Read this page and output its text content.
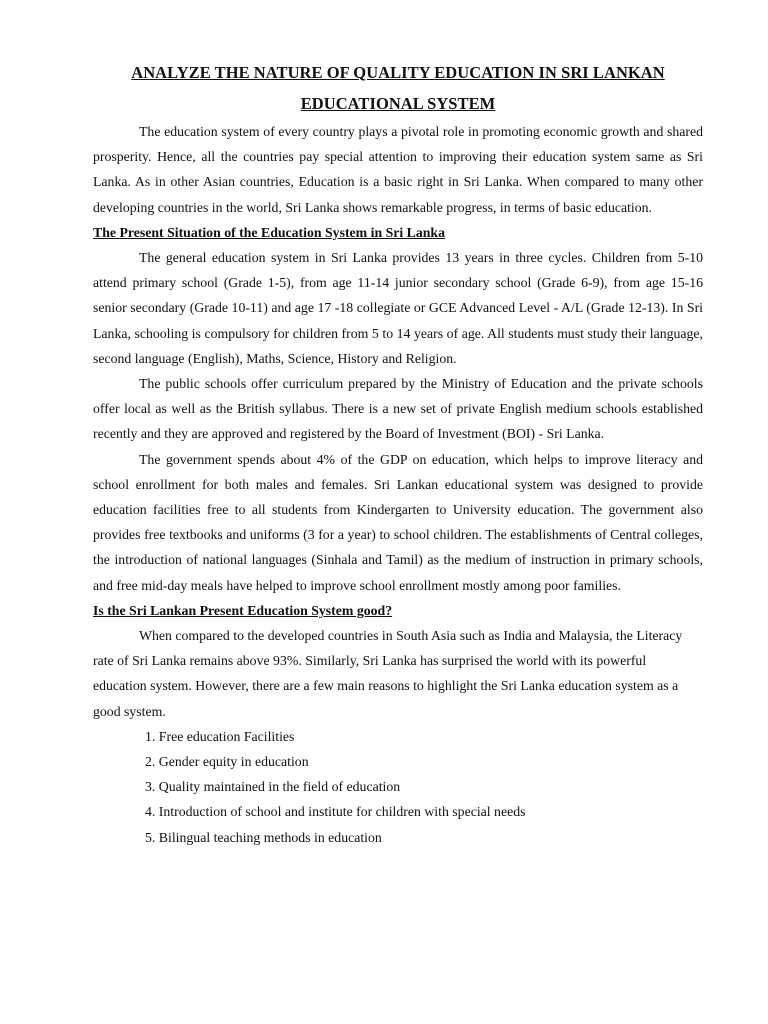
ANALYZE THE NATURE OF QUALITY EDUCATION IN SRI LANKAN
EDUCATIONAL SYSTEM

The education system of every country plays a pivotal role in promoting economic growth and shared prosperity. Hence, all the countries pay special attention to improving their education system same as Sri Lanka. As in other Asian countries, Education is a basic right in Sri Lanka. When compared to many other developing countries in the world, Sri Lanka shows remarkable progress, in terms of basic education.

The Present Situation of the Education System in Sri Lanka

The general education system in Sri Lanka provides 13 years in three cycles. Children from 5-10 attend primary school (Grade 1-5), from age 11-14 junior secondary school (Grade 6-9), from age 15-16 senior secondary (Grade 10-11) and age 17 -18 collegiate or GCE Advanced Level - A/L (Grade 12-13). In Sri Lanka, schooling is compulsory for children from 5 to 14 years of age. All students must study their language, second language (English), Maths, Science, History and Religion.

The public schools offer curriculum prepared by the Ministry of Education and the private schools offer local as well as the British syllabus. There is a new set of private English medium schools established recently and they are approved and registered by the Board of Investment (BOI) - Sri Lanka.

The government spends about 4% of the GDP on education, which helps to improve literacy and school enrollment for both males and females. Sri Lankan educational system was designed to provide education facilities free to all students from Kindergarten to University education. The government also provides free textbooks and uniforms (3 for a year) to school children. The establishments of Central colleges, the introduction of national languages (Sinhala and Tamil) as the medium of instruction in primary schools, and free mid-day meals have helped to improve school enrollment mostly among poor families.

Is the Sri Lankan Present Education System good?

When compared to the developed countries in South Asia such as India and Malaysia, the Literacy rate of Sri Lanka remains above 93%. Similarly, Sri Lanka has surprised the world with its powerful education system. However, there are a few main reasons to highlight the Sri Lanka education system as a good system.

1. Free education Facilities
2. Gender equity in education
3. Quality maintained in the field of education
4. Introduction of school and institute for children with special needs
5. Bilingual teaching methods in education
